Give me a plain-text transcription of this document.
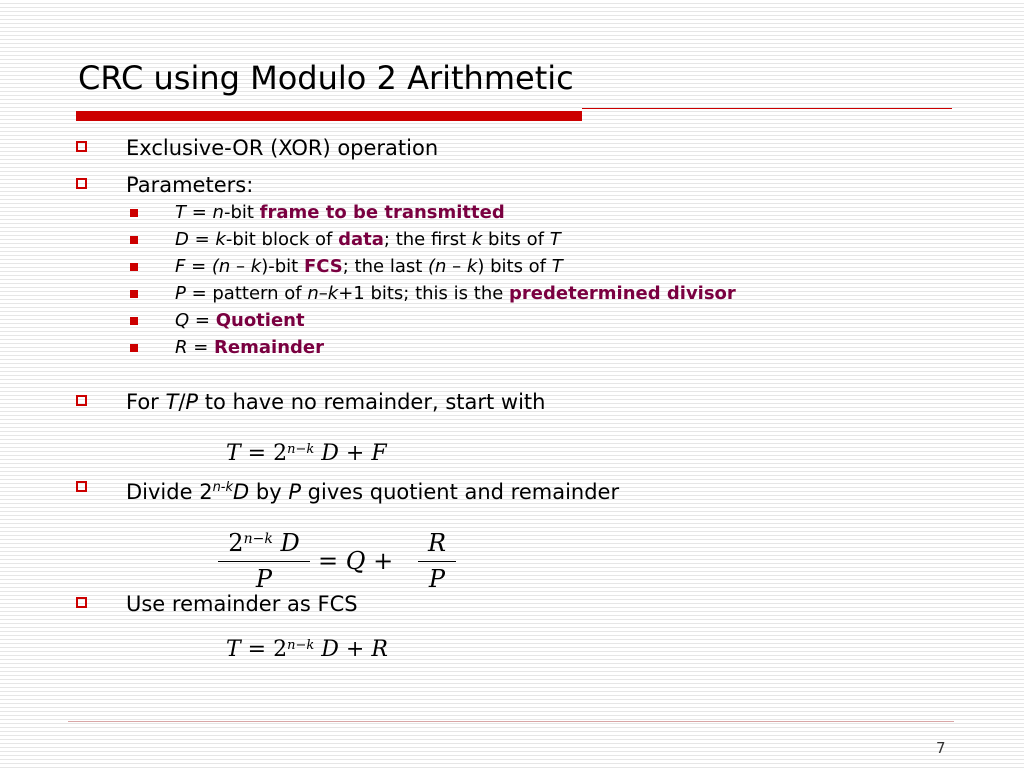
CRC using Modulo 2 Arithmetic
Exclusive-OR (XOR) operation
Parameters:
T = n-bit frame to be transmitted
D = k-bit block of data; the first k bits of T
F = (n – k)-bit FCS; the last (n – k) bits of T
P = pattern of n–k+1 bits; this is the predetermined divisor
Q = Quotient
R = Remainder
For T/P to have no remainder, start with
$T = 2^{n-k}$ D + F
Divide 2$^{n-k}$D by P gives quotient and remainder
$2^{n-k}$ D
P
= Q +
R
P
Use remainder as FCS
$T = 2^{n-k}$ D + R
7
